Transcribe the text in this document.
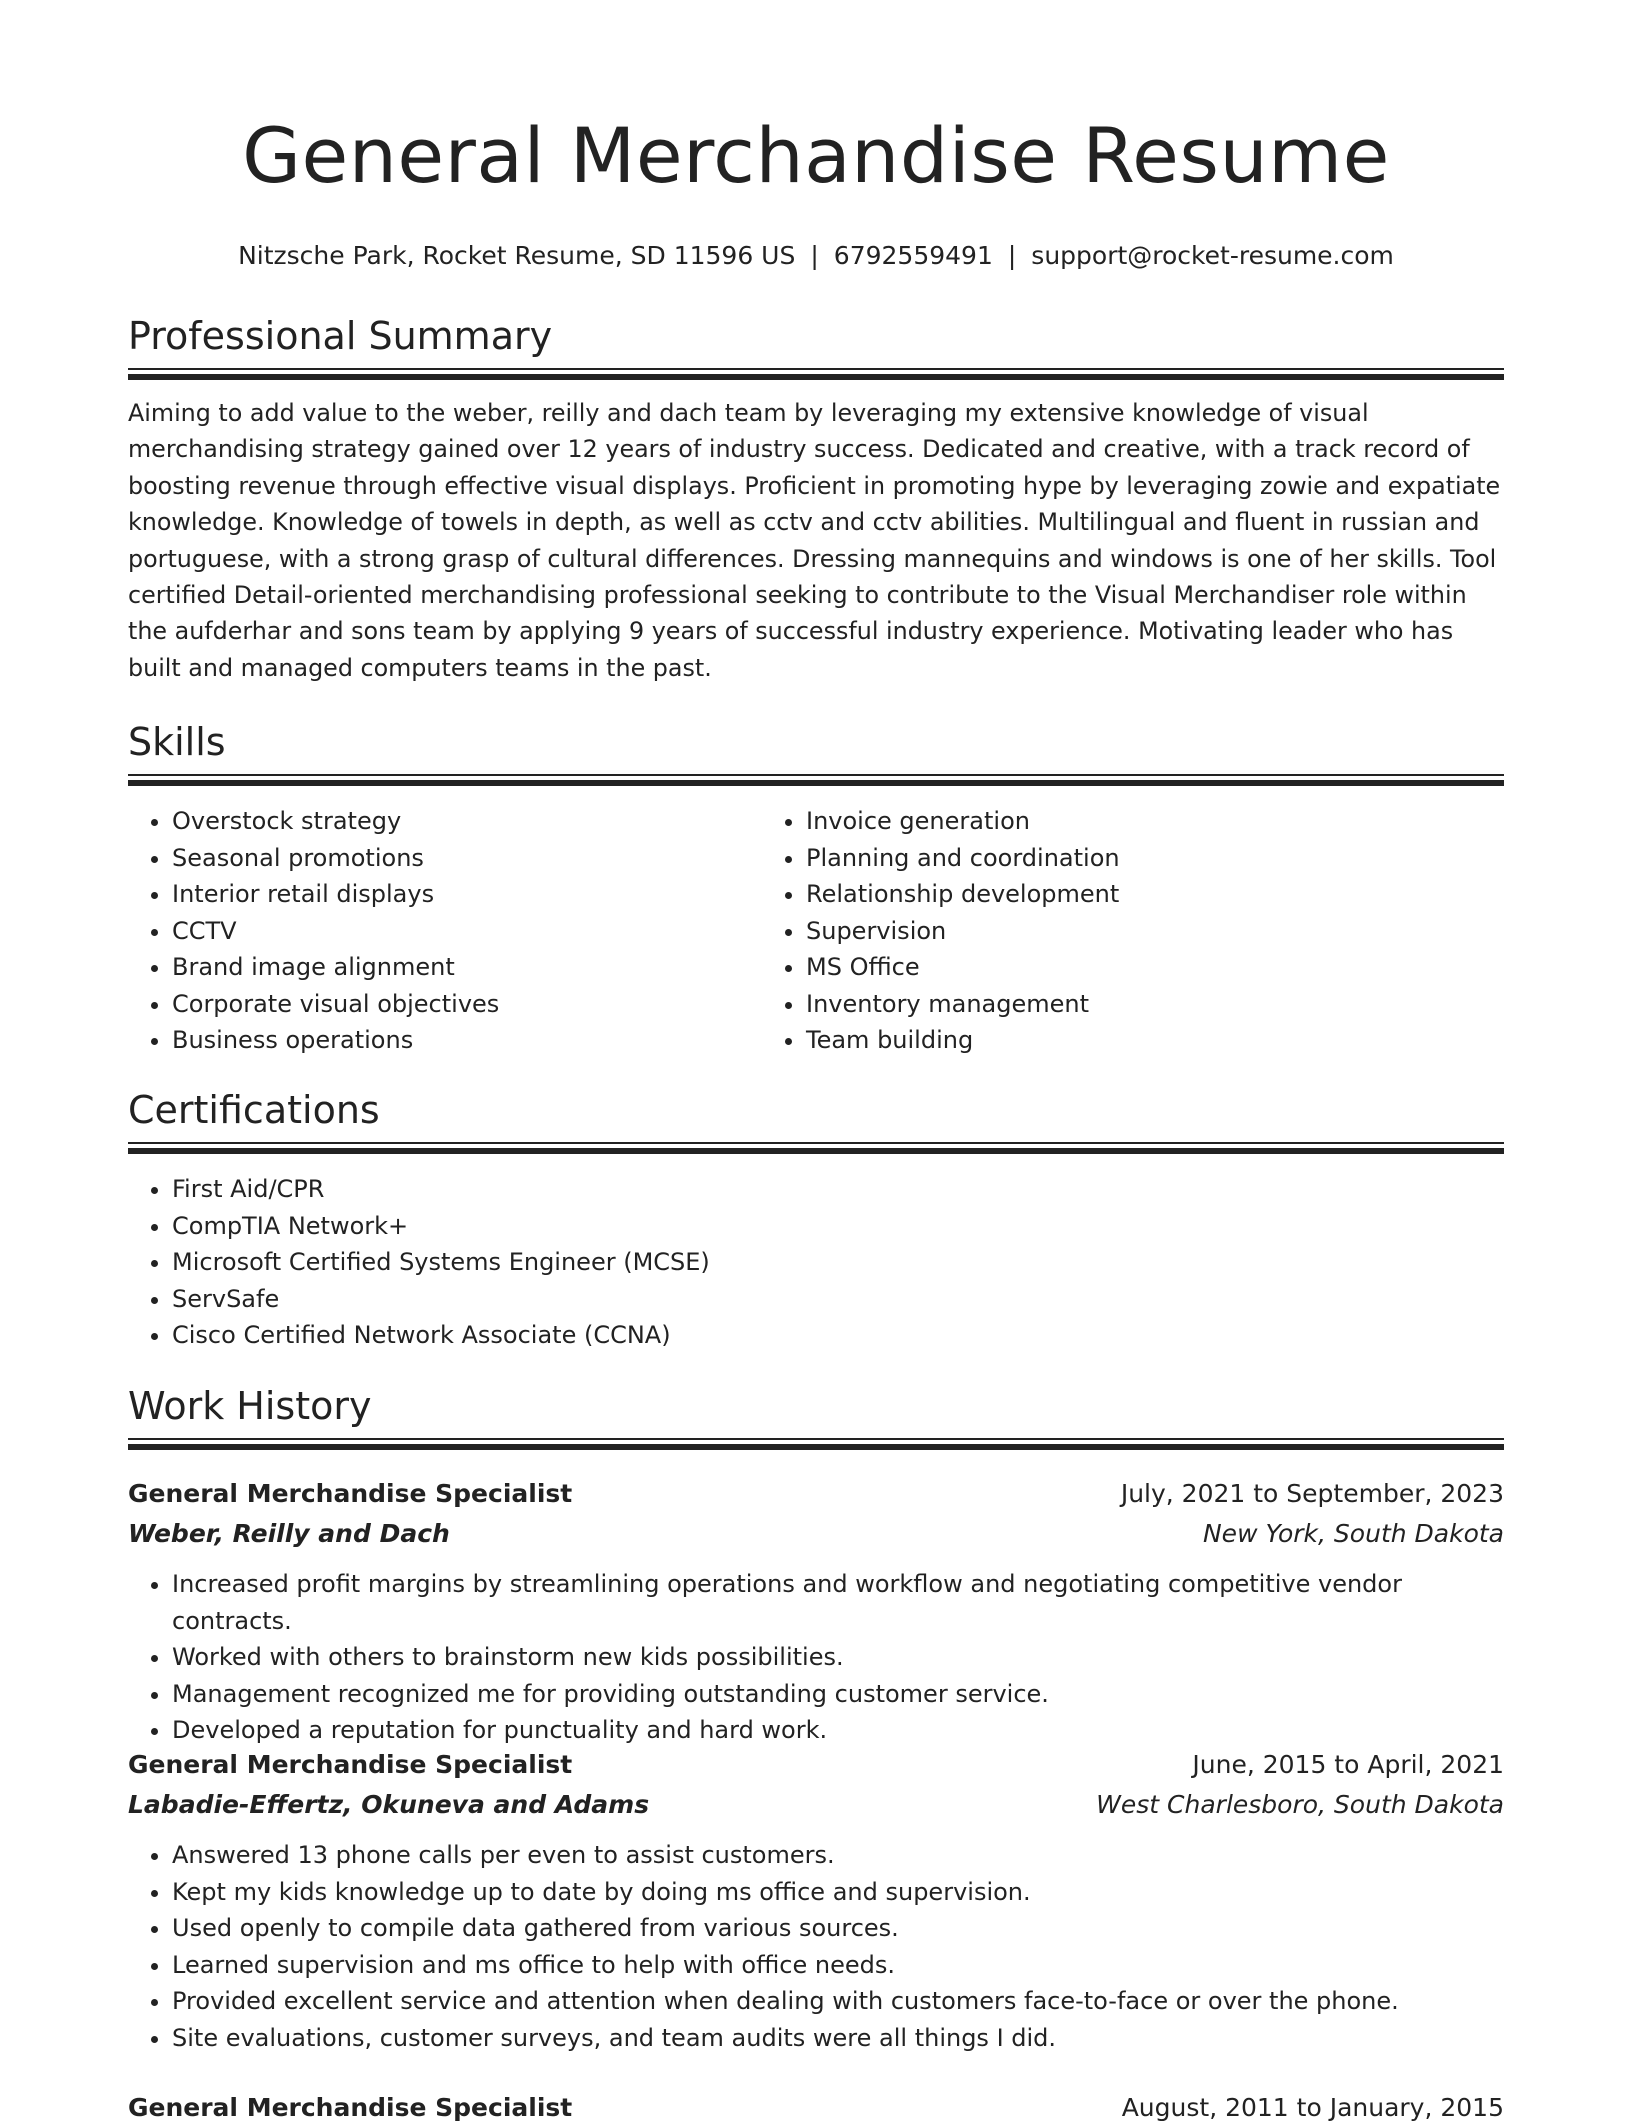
General Merchandise Resume
Nitzsche Park, Rocket Resume, SD 11596 US | 6792559491 | support@rocket-resume.com
Professional Summary

Aiming to add value to the weber, reilly and dach team by leveraging my extensive knowledge of visual merchandising strategy gained over 12 years of industry success. Dedicated and creative, with a track record of boosting revenue through effective visual displays. Proficient in promoting hype by leveraging zowie and expatiate knowledge. Knowledge of towels in depth, as well as cctv and cctv abilities. Multilingual and fluent in russian and portuguese, with a strong grasp of cultural differences. Dressing mannequins and windows is one of her skills. Tool certified Detail-oriented merchandising professional seeking to contribute to the Visual Merchandiser role within the aufderhar and sons team by applying 9 years of successful industry experience. Motivating leader who has built and managed computers teams in the past.

Skills
• Overstock strategy
• Seasonal promotions
• Interior retail displays
• CCTV
• Brand image alignment
• Corporate visual objectives
• Business operations
• Invoice generation
• Planning and coordination
• Relationship development
• Supervision
• MS Office
• Inventory management
• Team building
Certifications
• First Aid/CPR
• CompTIA Network+
• Microsoft Certified Systems Engineer (MCSE)
• ServSafe
• Cisco Certified Network Associate (CCNA)
Work History
General Merchandise Specialist	July, 2021 to September, 2023
Weber, Reilly and Dach	New York, South Dakota
• Increased profit margins by streamlining operations and workflow and negotiating competitive vendor contracts.
• Worked with others to brainstorm new kids possibilities.
• Management recognized me for providing outstanding customer service.
• Developed a reputation for punctuality and hard work.
General Merchandise Specialist	June, 2015 to April, 2021
Labadie-Effertz, Okuneva and Adams	West Charlesboro, South Dakota
• Answered 13 phone calls per even to assist customers.
• Kept my kids knowledge up to date by doing ms office and supervision.
• Used openly to compile data gathered from various sources.
• Learned supervision and ms office to help with office needs.
• Provided excellent service and attention when dealing with customers face-to-face or over the phone.
• Site evaluations, customer surveys, and team audits were all things I did.
General Merchandise Specialist	August, 2011 to January, 2015
